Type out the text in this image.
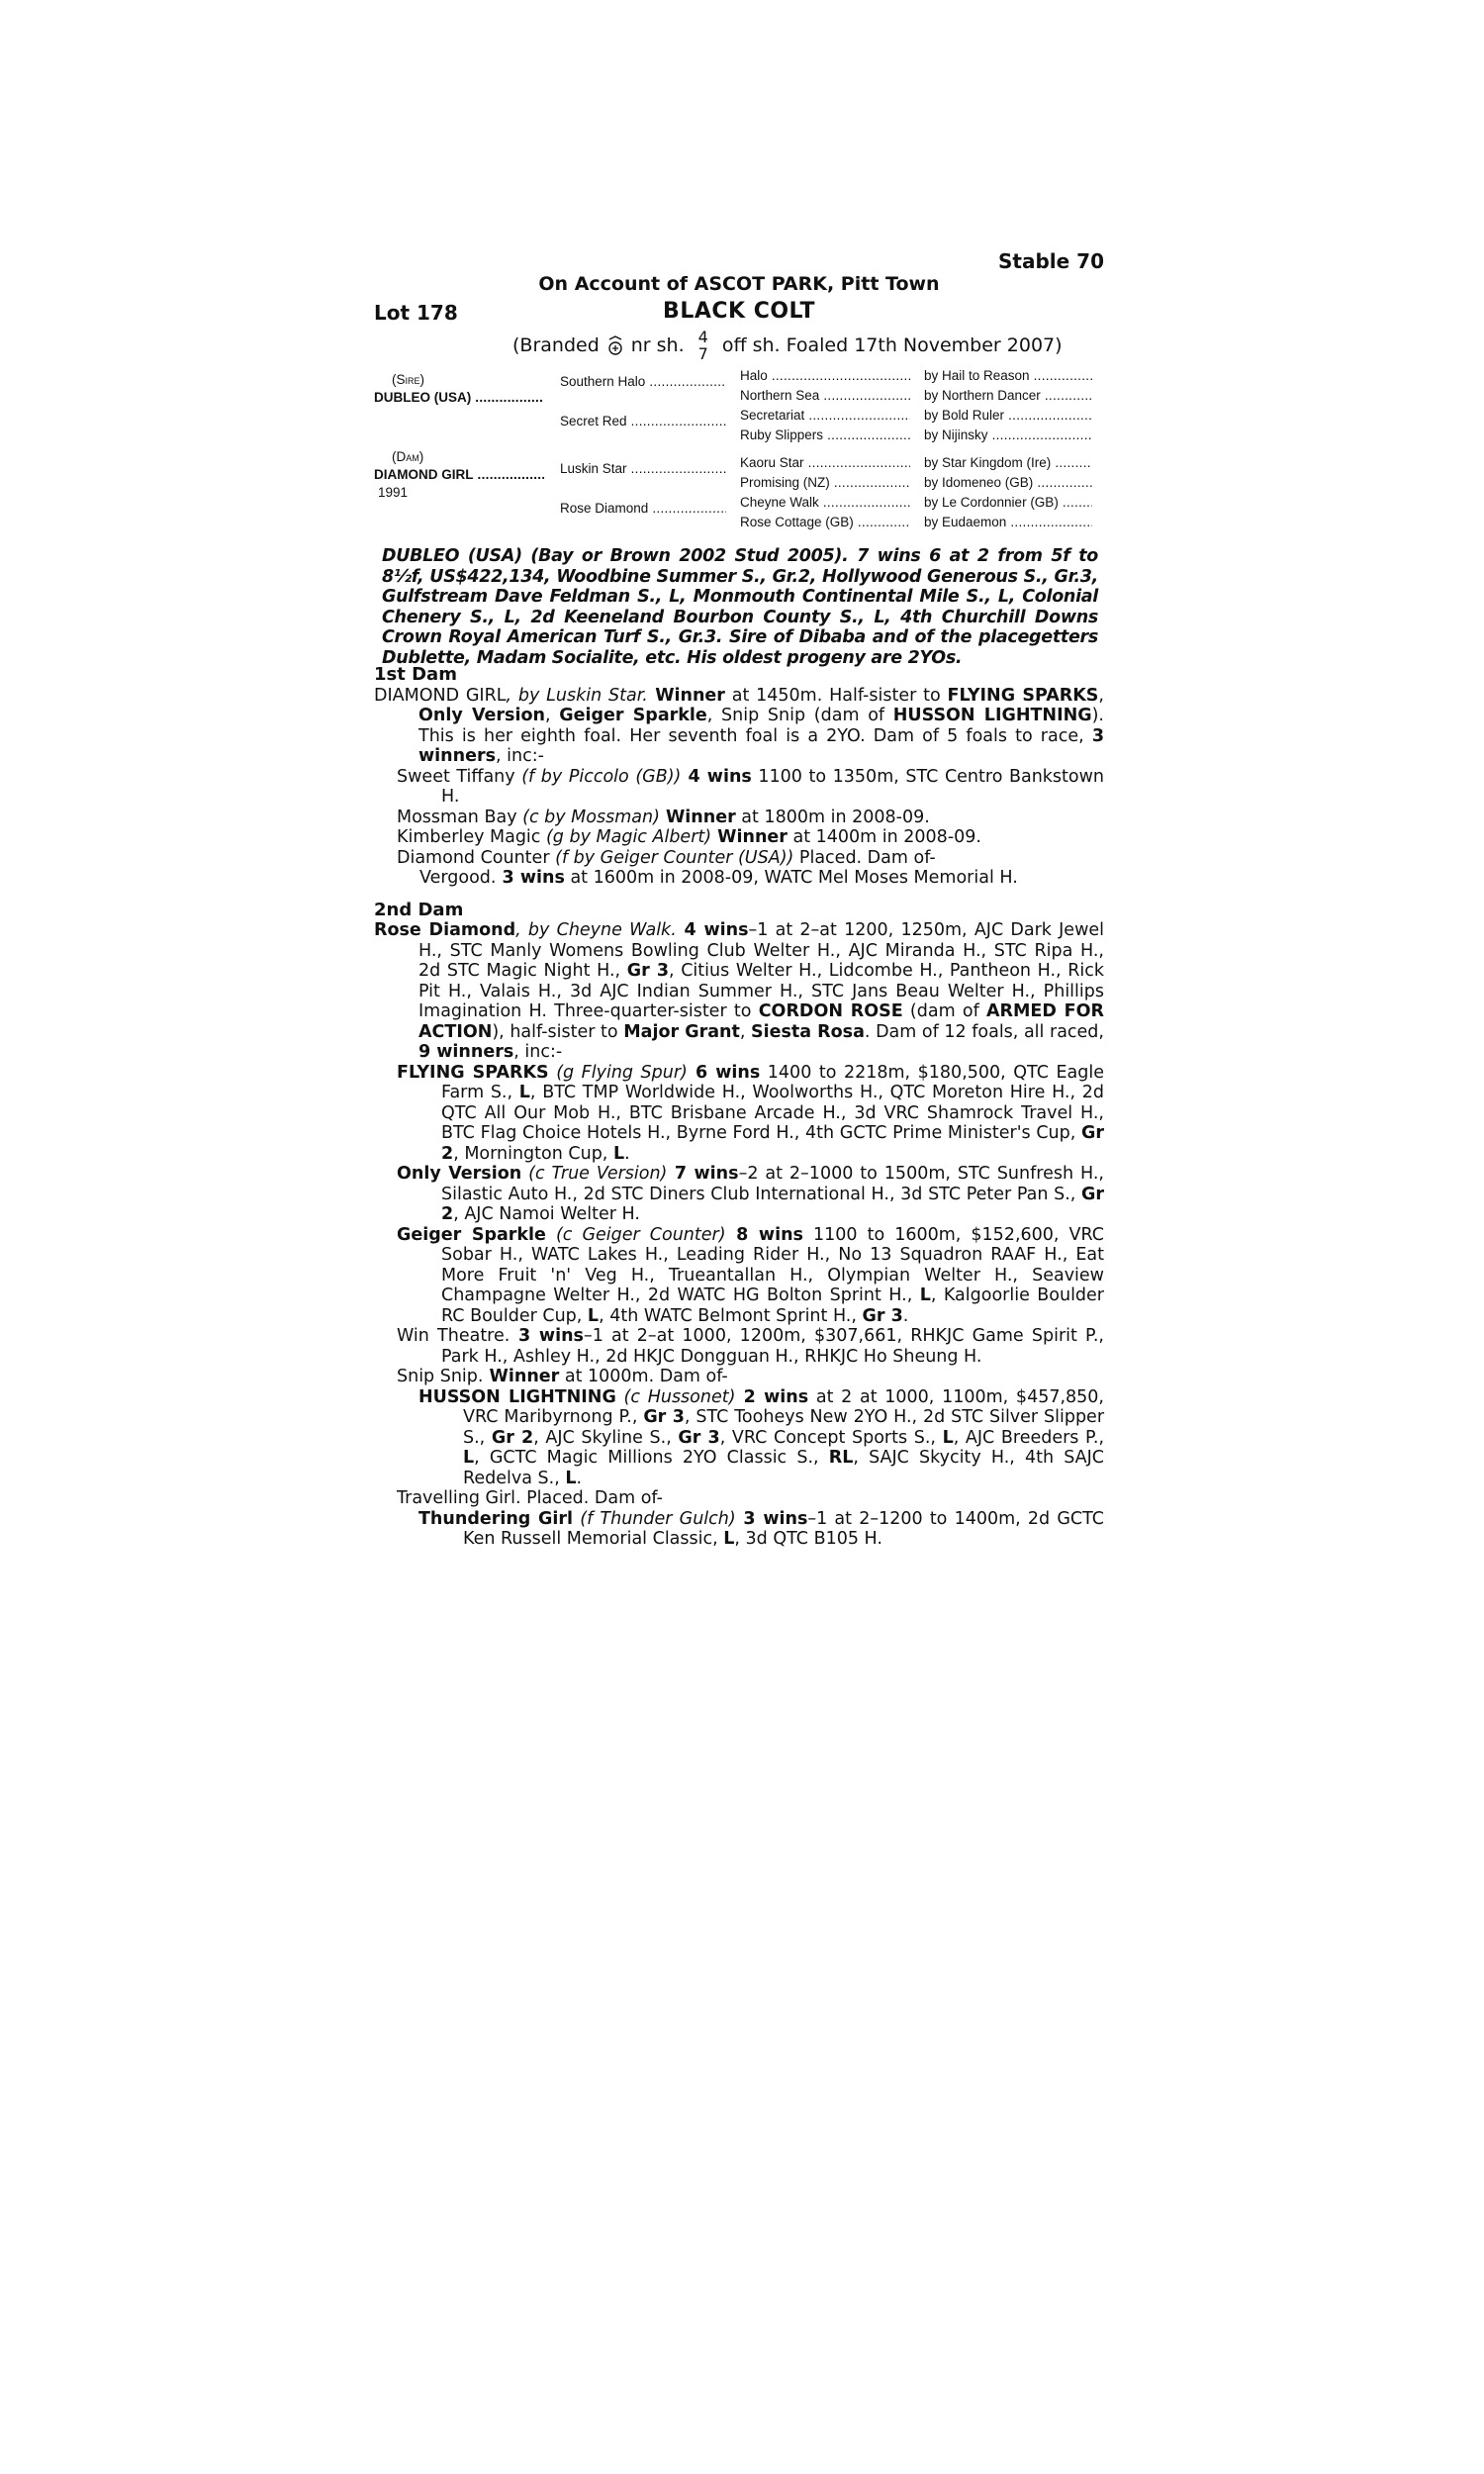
Stable 70
On Account of ASCOT PARK, Pitt Town
Lot 178	BLACK COLT
(Branded nr sh. 4
7 off sh. Foaled 17th November 2007)
(Sire)
DUBLEO (USA) .....
(Dam)
DIAMOND GIRL .....
1991
Southern Halo .....
Secret Red .....
Luskin Star .....
Rose Diamond .....
Halo .....
Northern Sea .....
Secretariat .....
Ruby Slippers .....
Kaoru Star .....
Promising (NZ) .....
Cheyne Walk .....
Rose Cottage (GB) .....
by Hail to Reason .....
by Northern Dancer .....
by Bold Ruler .....
by Nijinsky .....
by Star Kingdom (Ire) .....
by Idomeneo (GB) .....
by Le Cordonnier (GB) .....
by Eudaemon .....
DUBLEO (USA) (Bay or Brown 2002 Stud 2005). 7 wins 6 at 2 from 5f to 8½f, US$422,134, Woodbine Summer S., Gr.2, Hollywood Generous S., Gr.3, Gulfstream Dave Feldman S., L, Monmouth Continental Mile S., L, Colonial Chenery S., L, 2d Keeneland Bourbon County S., L, 4th Churchill Downs Crown Royal American Turf S., Gr.3. Sire of Dibaba and of the placegetters Dublette, Madam Socialite, etc. His oldest progeny are 2YOs.

1st Dam

DIAMOND GIRL, by Luskin Star. Winner at 1450m. Half-sister to FLYING SPARKS, Only Version, Geiger Sparkle, Snip Snip (dam of HUSSON LIGHTNING). This is her eighth foal. Her seventh foal is a 2YO. Dam of 5 foals to race, 3 winners, inc:-

Sweet Tiffany (f by Piccolo (GB)) 4 wins 1100 to 1350m, STC Centro Bankstown H.

Mossman Bay (c by Mossman) Winner at 1800m in 2008-09.

Kimberley Magic (g by Magic Albert) Winner at 1400m in 2008-09.

Diamond Counter (f by Geiger Counter (USA)) Placed. Dam of-

Vergood. 3 wins at 1600m in 2008-09, WATC Mel Moses Memorial H.

2nd Dam

Rose Diamond, by Cheyne Walk. 4 wins–1 at 2–at 1200, 1250m, AJC Dark Jewel H., STC Manly Womens Bowling Club Welter H., AJC Miranda H., STC Ripa H., 2d STC Magic Night H., Gr 3, Citius Welter H., Lidcombe H., Pantheon H., Rick Pit H., Valais H., 3d AJC Indian Summer H., STC Jans Beau Welter H., Phillips Imagination H. Three-quarter-sister to CORDON ROSE (dam of ARMED FOR ACTION), half-sister to Major Grant, Siesta Rosa. Dam of 12 foals, all raced, 9 winners, inc:-

FLYING SPARKS (g Flying Spur) 6 wins 1400 to 2218m, $180,500, QTC Eagle Farm S., L, BTC TMP Worldwide H., Woolworths H., QTC Moreton Hire H., 2d QTC All Our Mob H., BTC Brisbane Arcade H., 3d VRC Shamrock Travel H., BTC Flag Choice Hotels H., Byrne Ford H., 4th GCTC Prime Minister's Cup, Gr 2, Mornington Cup, L.

Only Version (c True Version) 7 wins–2 at 2–1000 to 1500m, STC Sunfresh H., Silastic Auto H., 2d STC Diners Club International H., 3d STC Peter Pan S., Gr 2, AJC Namoi Welter H.

Geiger Sparkle (c Geiger Counter) 8 wins 1100 to 1600m, $152,600, VRC Sobar H., WATC Lakes H., Leading Rider H., No 13 Squadron RAAF H., Eat More Fruit 'n' Veg H., Trueantallan H., Olympian Welter H., Seaview Champagne Welter H., 2d WATC HG Bolton Sprint H., L, Kalgoorlie Boulder RC Boulder Cup, L, 4th WATC Belmont Sprint H., Gr 3.

Win Theatre. 3 wins–1 at 2–at 1000, 1200m, $307,661, RHKJC Game Spirit P., Park H., Ashley H., 2d HKJC Dongguan H., RHKJC Ho Sheung H.

Snip Snip. Winner at 1000m. Dam of-

HUSSON LIGHTNING (c Hussonet) 2 wins at 2 at 1000, 1100m, $457,850, VRC Maribyrnong P., Gr 3, STC Tooheys New 2YO H., 2d STC Silver Slipper S., Gr 2, AJC Skyline S., Gr 3, VRC Concept Sports S., L, AJC Breeders P., L, GCTC Magic Millions 2YO Classic S., RL, SAJC Skycity H., 4th SAJC Redelva S., L.

Travelling Girl. Placed. Dam of-

Thundering Girl (f Thunder Gulch) 3 wins–1 at 2–1200 to 1400m, 2d GCTC Ken Russell Memorial Classic, L, 3d QTC B105 H.
